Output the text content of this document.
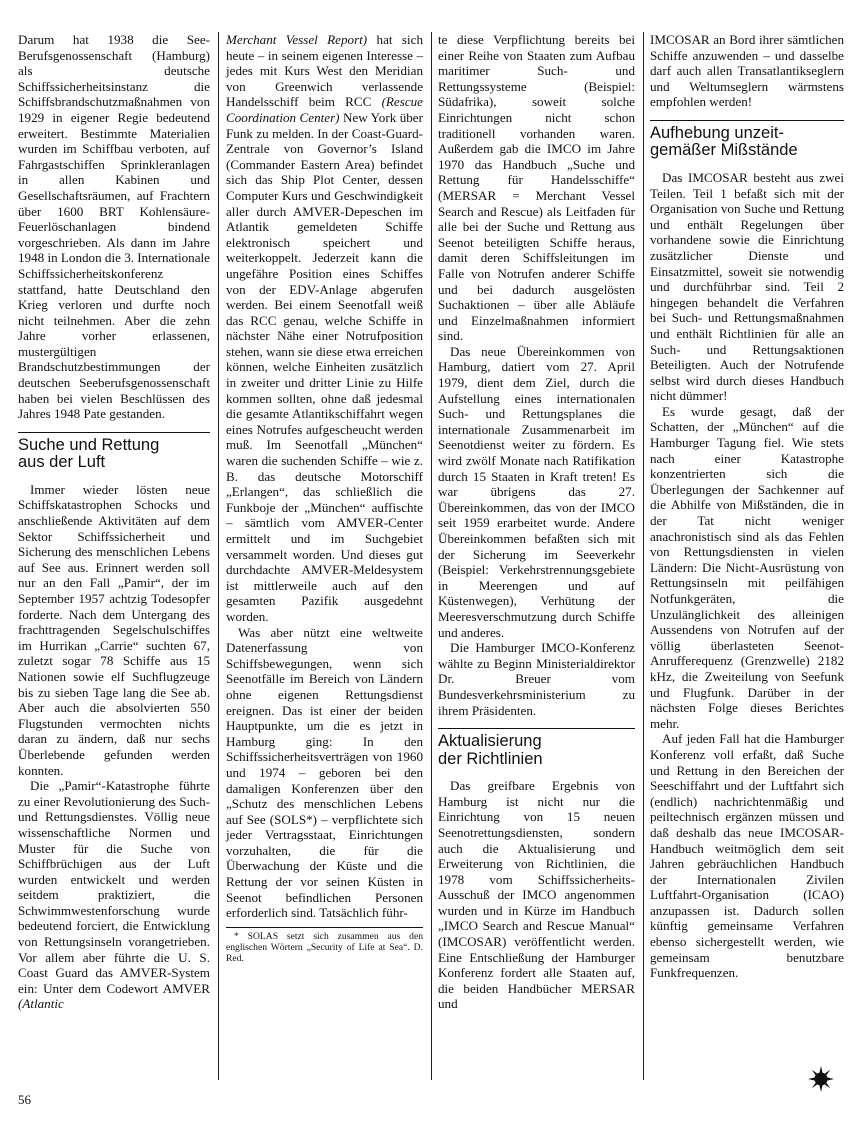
Darum hat 1938 die See-Berufsgenossenschaft (Hamburg) als deutsche Schiffssicherheitsinstanz die Schiffsbrandschutzmaßnahmen von 1929 in eigener Regie bedeutend erweitert. Bestimmte Materialien wurden im Schiffbau verboten, auf Fahrgastschiffen Sprinkleranlagen in allen Kabinen und Gesellschaftsräumen, auf Frachtern über 1600 BRT Kohlensäure-Feuerlöschanlagen bindend vorgeschrieben. Als dann im Jahre 1948 in London die 3. Internationale Schiffssicherheitskonferenz stattfand, hatte Deutschland den Krieg verloren und durfte noch nicht teilnehmen. Aber die zehn Jahre vorher erlassenen, mustergültigen Brandschutzbestimmungen der deutschen Seeberufsgenossenschaft haben bei vielen Beschlüssen des Jahres 1948 Pate gestanden.

Suche und Rettung
aus der Luft

Immer wieder lösten neue Schiffskatastrophen Schocks und anschließende Aktivitäten auf dem Sektor Schiffssicherheit und Sicherung des menschlichen Lebens auf See aus. Erinnert werden soll nur an den Fall „Pamir“, der im September 1957 achtzig Todesopfer forderte. Nach dem Untergang des frachttragenden Segelschulschiffes im Hurrikan „Carrie“ suchten 67, zuletzt sogar 78 Schiffe aus 15 Nationen sowie elf Suchflugzeuge bis zu sieben Tage lang die See ab. Aber auch die absolvierten 550 Flugstunden vermochten nichts daran zu ändern, daß nur sechs Überlebende gefunden werden konnten.

Die „Pamir“-Katastrophe führte zu einer Revolutionierung des Such- und Rettungsdienstes. Völlig neue wissenschaftliche Normen und Muster für die Suche von Schiffbrüchigen aus der Luft wurden entwickelt und werden seitdem praktiziert, die Schwimmwestenforschung wurde bedeutend forciert, die Entwicklung von Rettungsinseln vorangetrieben. Vor allem aber führte die U. S. Coast Guard das AMVER-System ein: Unter dem Codewort AMVER (Atlantic

Merchant Vessel Report) hat sich heute – in seinem eigenen Interesse – jedes mit Kurs West den Meridian von Greenwich verlassende Handelsschiff beim RCC (Rescue Coordination Center) New York über Funk zu melden. In der Coast-Guard-Zentrale von Governor’s Island (Commander Eastern Area) befindet sich das Ship Plot Center, dessen Computer Kurs und Geschwindigkeit aller durch AMVER-Depeschen im Atlantik gemeldeten Schiffe elektronisch speichert und weiterkoppelt. Jederzeit kann die ungefähre Position eines Schiffes von der EDV-Anlage abgerufen werden. Bei einem Seenotfall weiß das RCC genau, welche Schiffe in nächster Nähe einer Notrufposition stehen, wann sie diese etwa erreichen können, welche Einheiten zusätzlich in zweiter und dritter Linie zu Hilfe kommen sollten, ohne daß jedesmal die gesamte Atlantikschiffahrt wegen eines Notrufes aufgescheucht werden muß. Im Seenotfall „München“ waren die suchenden Schiffe – wie z. B. das deutsche Motorschiff „Erlangen“, das schließlich die Funkboje der „München“ auffischte – sämtlich vom AMVER-Center ermittelt und im Suchgebiet versammelt worden. Und dieses gut durchdachte AMVER-Meldesystem ist mittlerweile auch auf den gesamten Pazifik ausgedehnt worden.

Was aber nützt eine weltweite Datenerfassung von Schiffsbewegungen, wenn sich Seenotfälle im Bereich von Ländern ohne eigenen Rettungsdienst ereignen. Das ist einer der beiden Hauptpunkte, um die es jetzt in Hamburg ging: In den Schiffssicherheitsverträgen von 1960 und 1974 – geboren bei den damaligen Konferenzen über den „Schutz des menschlichen Lebens auf See (SOLS*) – verpflichtete sich jeder Vertragsstaat, Einrichtungen vorzuhalten, die für die Überwachung der Küste und die Rettung der vor seinen Küsten in Seenot befindlichen Personen erforderlich sind. Tatsächlich führ-

* SOLAS setzt sich zusammen aus den englischen Wörtern „Security of Life at Sea“. D. Red.

te diese Verpflichtung bereits bei einer Reihe von Staaten zum Aufbau maritimer Such- und Rettungssysteme (Beispiel: Südafrika), soweit solche Einrichtungen nicht schon traditionell vorhanden waren. Außerdem gab die IMCO im Jahre 1970 das Handbuch „Suche und Rettung für Handelsschiffe“ (MERSAR = Merchant Vessel Search and Rescue) als Leitfaden für alle bei der Suche und Rettung aus Seenot beteiligten Schiffe heraus, damit deren Schiffsleitungen im Falle von Notrufen anderer Schiffe und bei dadurch ausgelösten Suchaktionen – über alle Abläufe und Einzelmaßnahmen informiert sind.

Das neue Übereinkommen von Hamburg, datiert vom 27. April 1979, dient dem Ziel, durch die Aufstellung eines internationalen Such- und Rettungsplanes die internationale Zusammenarbeit im Seenotdienst weiter zu fördern. Es wird zwölf Monate nach Ratifikation durch 15 Staaten in Kraft treten! Es war übrigens das 27. Übereinkommen, das von der IMCO seit 1959 erarbeitet wurde. Andere Übereinkommen befaßten sich mit der Sicherung im Seeverkehr (Beispiel: Verkehrstrennungsgebiete in Meerengen und auf Küstenwegen), Verhütung der Meeresverschmutzung durch Schiffe und anderes.

Die Hamburger IMCO-Konferenz wählte zu Beginn Ministerialdirektor Dr. Breuer vom Bundesverkehrsministerium zu ihrem Präsidenten.

Aktualisierung
der Richtlinien

Das greifbare Ergebnis von Hamburg ist nicht nur die Einrichtung von 15 neuen Seenotrettungsdiensten, sondern auch die Aktualisierung und Erweiterung von Richtlinien, die 1978 vom Schiffssicherheits-Ausschuß der IMCO angenommen wurden und in Kürze im Handbuch „IMCO Search and Rescue Manual“ (IMCOSAR) veröffentlicht werden. Eine Entschließung der Hamburger Konferenz fordert alle Staaten auf, die beiden Handbücher MERSAR und

IMCOSAR an Bord ihrer sämtlichen Schiffe anzuwenden – und dasselbe darf auch allen Transatlantikseglern und Weltumseglern wärmstens empfohlen werden!

Aufhebung unzeit-
gemäßer Mißstände

Das IMCOSAR besteht aus zwei Teilen. Teil 1 befaßt sich mit der Organisation von Suche und Rettung und enthält Regelungen über vorhandene sowie die Einrichtung zusätzlicher Dienste und Einsatzmittel, soweit sie notwendig und durchführbar sind. Teil 2 hingegen behandelt die Verfahren bei Such- und Rettungsmaßnahmen und enthält Richtlinien für alle an Such- und Rettungsaktionen Beteiligten. Auch der Notrufende selbst wird durch dieses Handbuch nicht dümmer!

Es wurde gesagt, daß der Schatten, der „München“ auf die Hamburger Tagung fiel. Wie stets nach einer Katastrophe konzentrierten sich die Überlegungen der Sachkenner auf die Abhilfe von Mißständen, die in der Tat nicht weniger anachronistisch sind als das Fehlen von Rettungsdiensten in vielen Ländern: Die Nicht-Ausrüstung von Rettungsinseln mit peilfähigen Notfunkgeräten, die Unzulänglichkeit des alleinigen Aussendens von Notrufen auf der völlig überlasteten Seenot-Anrufferequenz (Grenzwelle) 2182 kHz, die Zweiteilung von Seefunk und Flugfunk. Darüber in der nächsten Folge dieses Berichtes mehr.

Auf jeden Fall hat die Hamburger Konferenz voll erfaßt, daß Suche und Rettung in den Bereichen der Seeschiffahrt und der Luftfahrt sich (endlich) nachrichtenmäßig und peiltechnisch ergänzen müssen und daß deshalb das neue IMCOSAR-Handbuch weitmöglich dem seit Jahren gebräuchlichen Handbuch der Internationalen Zivilen Luftfahrt-Organisation (ICAO) anzupassen ist. Dadurch sollen künftig gemeinsame Verfahren ebenso sichergestellt werden, wie gemeinsam benutzbare Funkfrequenzen.

56
